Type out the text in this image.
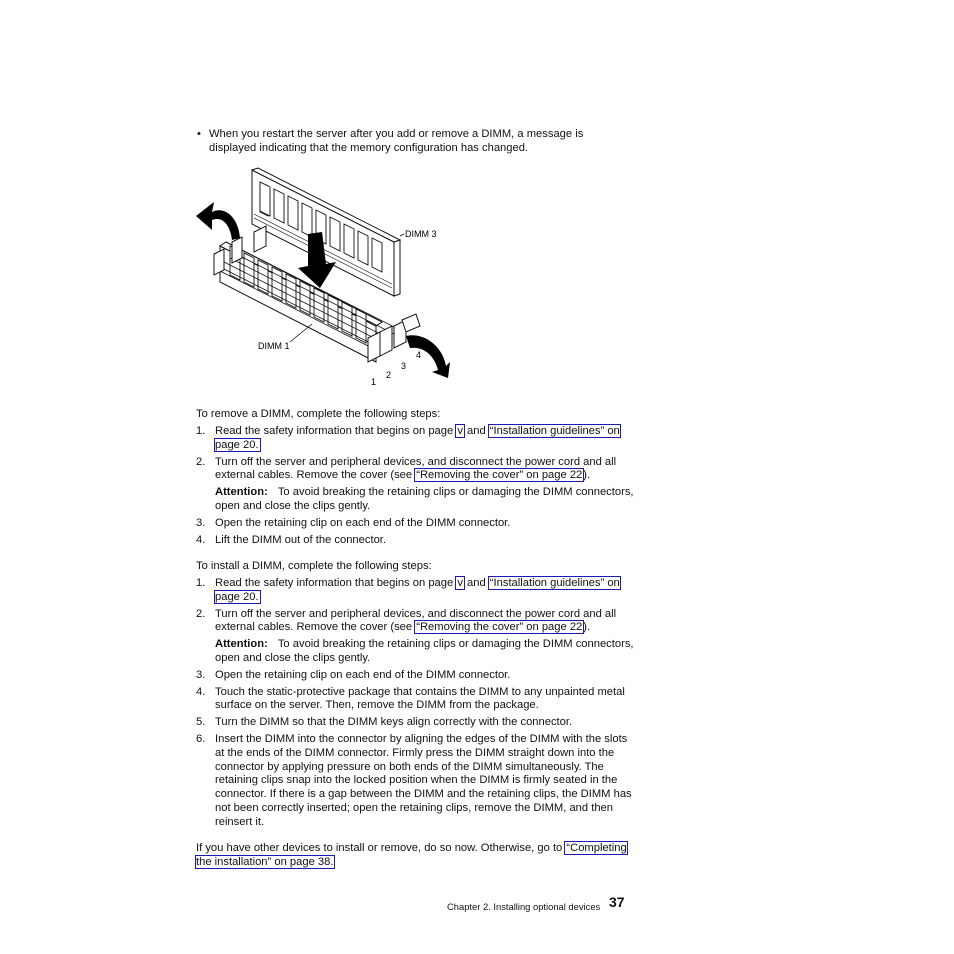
• When you restart the server after you add or remove a DIMM, a message is displayed indicating that the memory configuration has changed.
DIMM 3
DIMM 1
1
2
3
4
To remove a DIMM, complete the following steps:
1. Read the safety information that begins on page v and “Installation guidelines” on page 20.
2. Turn off the server and peripheral devices, and disconnect the power cord and all external cables. Remove the cover (see “Removing the cover” on page 22).
Attention: To avoid breaking the retaining clips or damaging the DIMM connectors, open and close the clips gently.
3. Open the retaining clip on each end of the DIMM connector.
4. Lift the DIMM out of the connector.
To install a DIMM, complete the following steps:
1. Read the safety information that begins on page v and “Installation guidelines” on page 20.
2. Turn off the server and peripheral devices, and disconnect the power cord and all external cables. Remove the cover (see “Removing the cover” on page 22).
Attention: To avoid breaking the retaining clips or damaging the DIMM connectors, open and close the clips gently.
3. Open the retaining clip on each end of the DIMM connector.
4. Touch the static-protective package that contains the DIMM to any unpainted metal surface on the server. Then, remove the DIMM from the package.
5. Turn the DIMM so that the DIMM keys align correctly with the connector.
6. Insert the DIMM into the connector by aligning the edges of the DIMM with the slots at the ends of the DIMM connector. Firmly press the DIMM straight down into the connector by applying pressure on both ends of the DIMM simultaneously. The retaining clips snap into the locked position when the DIMM is firmly seated in the connector. If there is a gap between the DIMM and the retaining clips, the DIMM has not been correctly inserted; open the retaining clips, remove the DIMM, and then reinsert it.
If you have other devices to install or remove, do so now. Otherwise, go to “Completing the installation” on page 38.
Chapter 2. Installing optional devices 37
